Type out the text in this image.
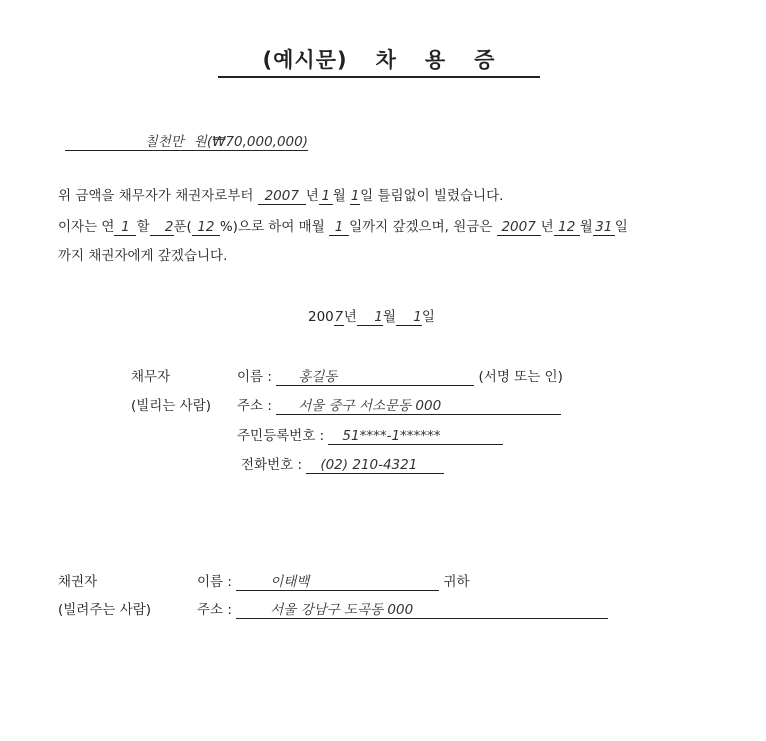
(예시문) 차 용 증
칠천만 원(₩70,000,000)
위 금액을 채무자가 채권자로부터 2007 년 1 월 1일 틀림없이 빌렸습니다.
이자는 연 1 할 2푼( 12 %)으로 하여 매월 1 일까지 갚겠으며, 원금은 2007 년 12 월 31 일
까지 채권자에게 갚겠습니다.
2007년 1월 1일
채무자
(빌리는 사람)
이름 : 홍길동	(서명 또는 인)
주소 : 서울 중구 서소문동 000
주민등록번호 : 51****-1******
전화번호 : (02) 210-4321
채권자
(빌려주는 사람)
이름 :	이태백	귀하
주소 :	서울 강남구 도곡동 000
